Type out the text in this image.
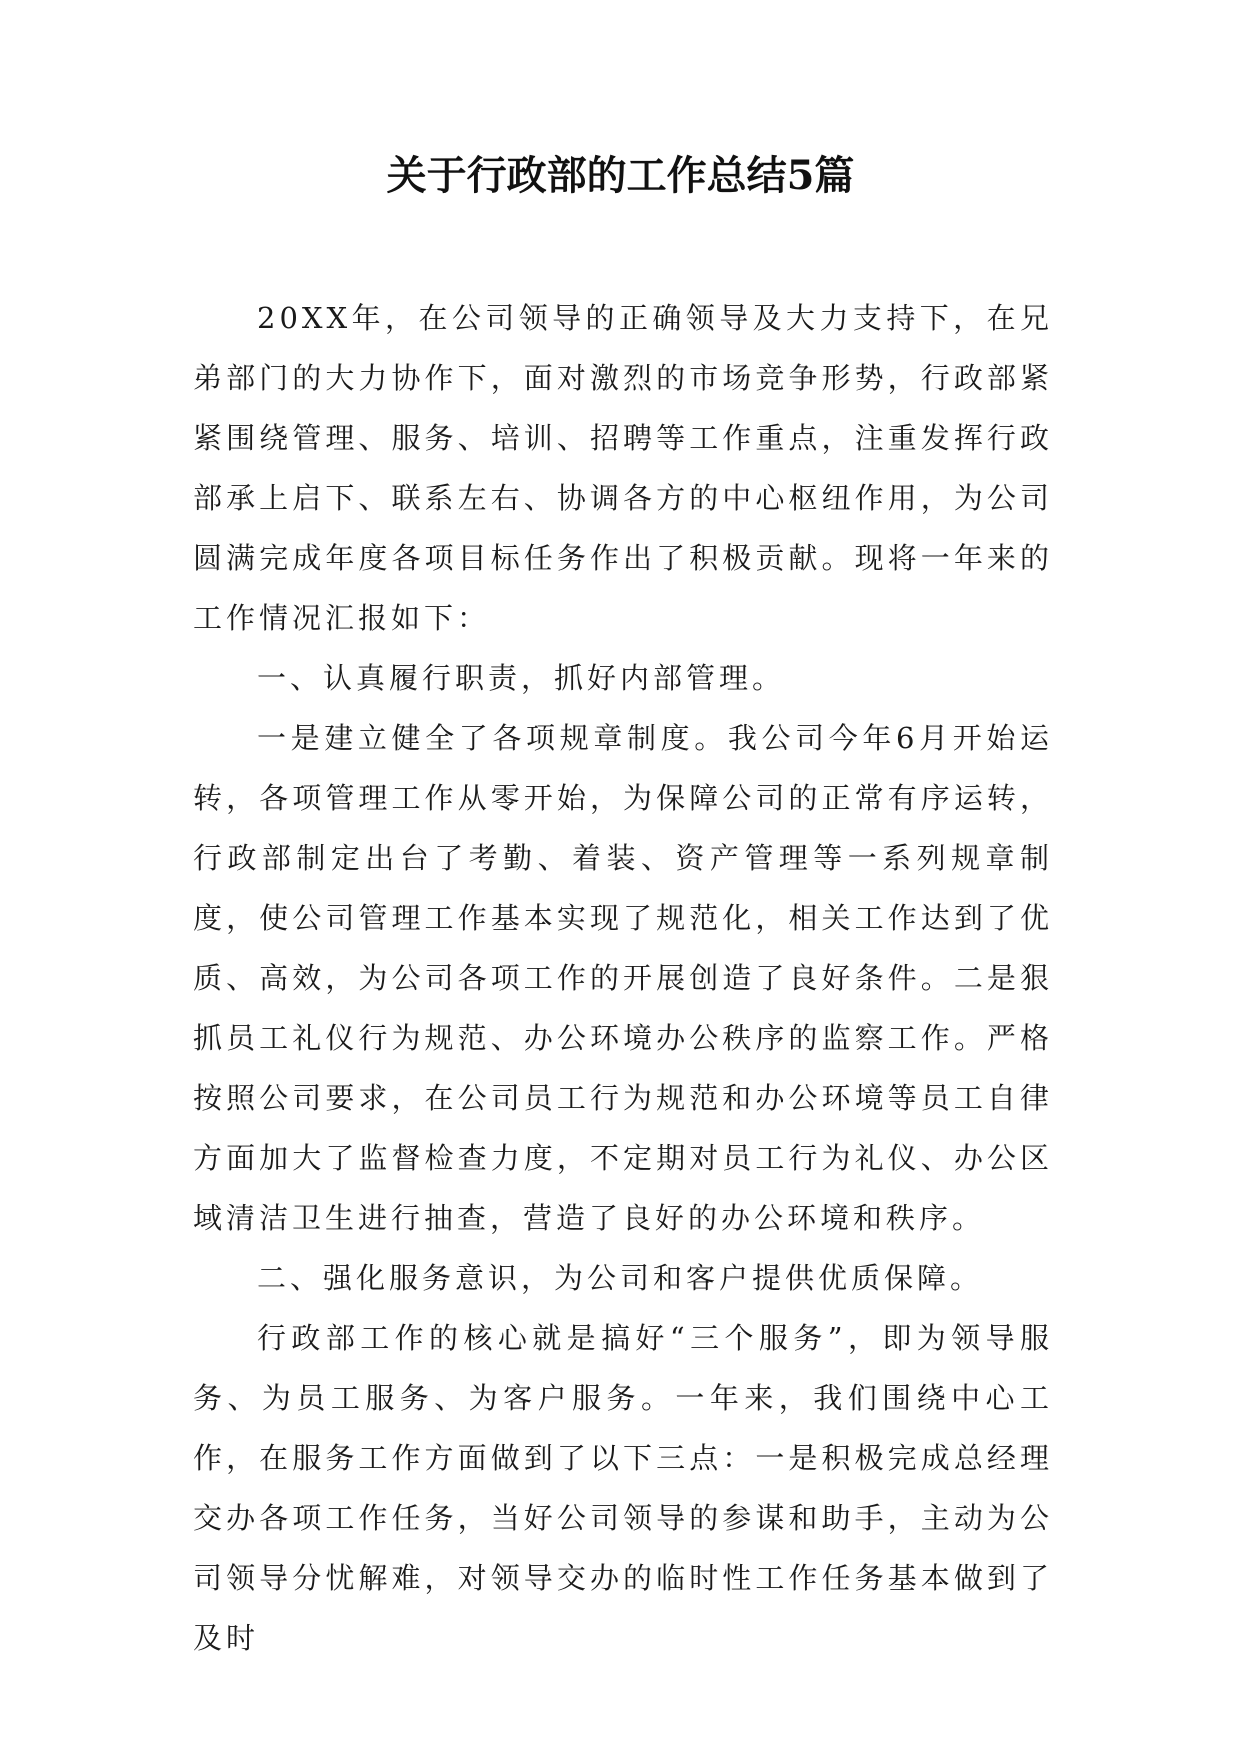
关于行政部的工作总结5篇

20XX年，在公司领导的正确领导及大力支持下，在兄弟部门的大力协作下，面对激烈的市场竞争形势，行政部紧紧围绕管理、服务、培训、招聘等工作重点，注重发挥行政部承上启下、联系左右、协调各方的中心枢纽作用，为公司圆满完成年度各项目标任务作出了积极贡献。现将一年来的工作情况汇报如下：

一、认真履行职责，抓好内部管理。

一是建立健全了各项规章制度。我公司今年6月开始运转，各项管理工作从零开始，为保障公司的正常有序运转，行政部制定出台了考勤、着装、资产管理等一系列规章制度，使公司管理工作基本实现了规范化，相关工作达到了优质、高效，为公司各项工作的开展创造了良好条件。二是狠抓员工礼仪行为规范、办公环境办公秩序的监察工作。严格按照公司要求，在公司员工行为规范和办公环境等员工自律方面加大了监督检查力度，不定期对员工行为礼仪、办公区域清洁卫生进行抽查，营造了良好的办公环境和秩序。

二、强化服务意识，为公司和客户提供优质保障。

行政部工作的核心就是搞好“三个服务”，即为领导服务、为员工服务、为客户服务。一年来，我们围绕中心工作，在服务工作方面做到了以下三点：一是积极完成总经理交办各项工作任务，当好公司领导的参谋和助手，主动为公司领导分忧解难，对领导交办的临时性工作任务基本做到了及时
